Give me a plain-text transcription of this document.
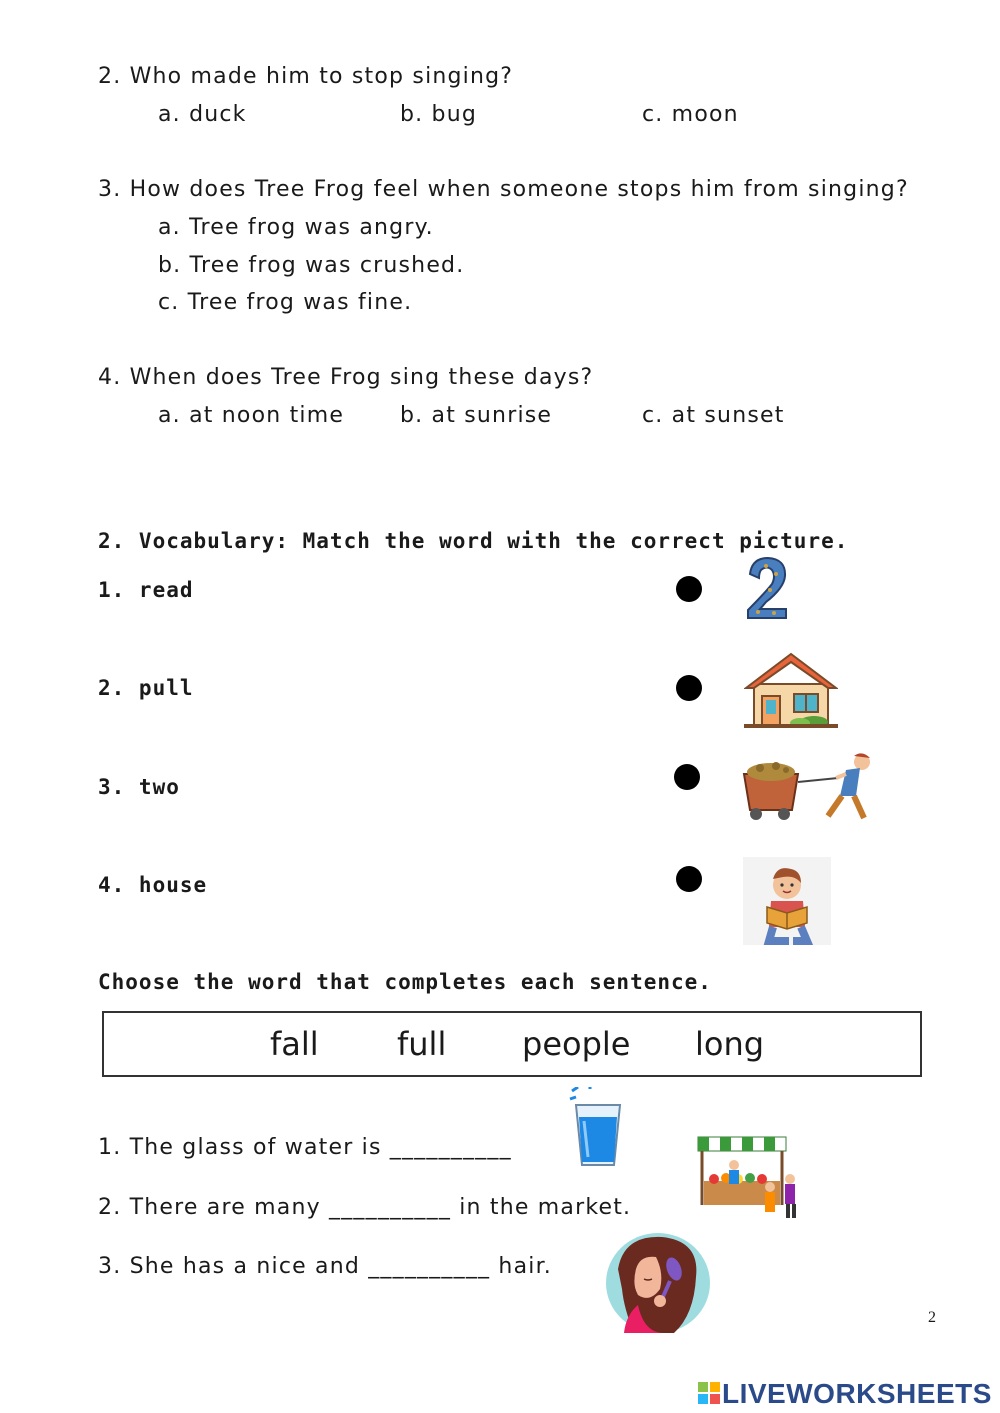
2. Who made him to stop singing?
a. duck	b. bug	c. moon
3. How does Tree Frog feel when someone stops him from singing?
a. Tree frog was angry.
b. Tree frog was crushed.
c. Tree frog was fine.
4. When does Tree Frog sing these days?
a. at noon time	b. at sunrise	c. at sunset
2. Vocabulary: Match the word with the correct picture.
1. read
2. pull
3. two
4. house
Choose the word that completes each sentence.
fall full people long
1. The glass of water is __________
2. There are many __________ in the market.
3. She has a nice and __________ hair.
2
LIVEWORKSHEETS
